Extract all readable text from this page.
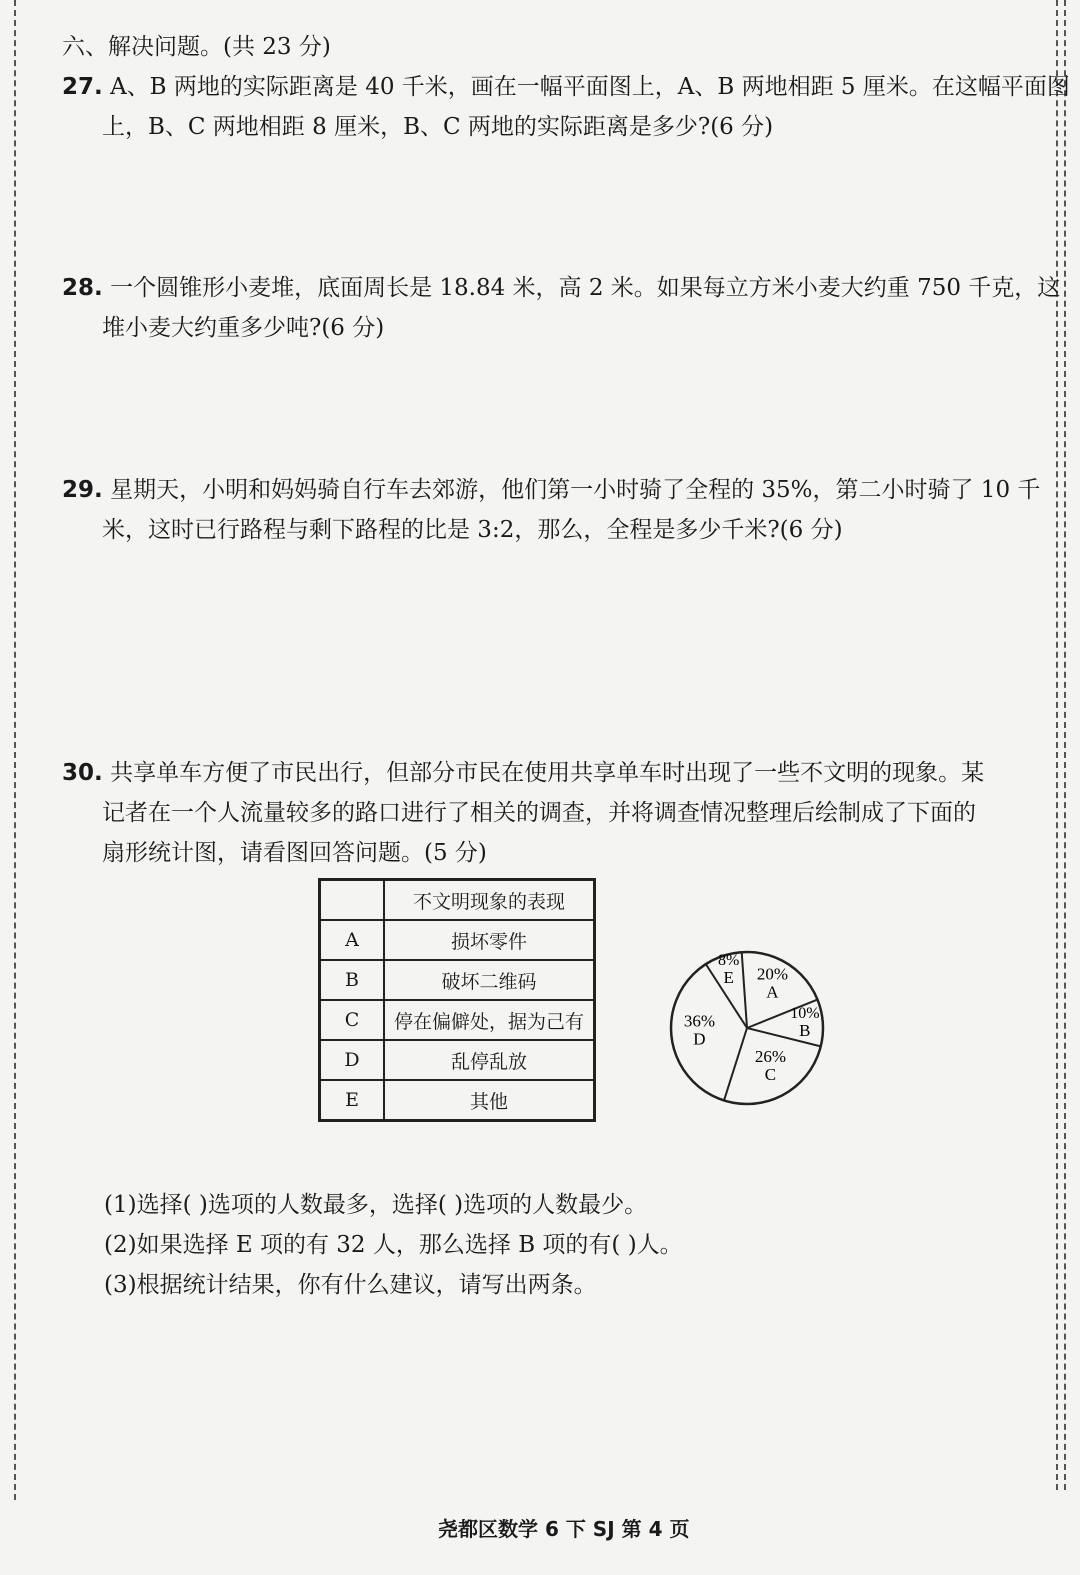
六、解决问题。(共 23 分)
27. A、B 两地的实际距离是 40 千米，画在一幅平面图上，A、B 两地相距 5 厘米。在这幅平面图
上，B、C 两地相距 8 厘米，B、C 两地的实际距离是多少?(6 分)
28. 一个圆锥形小麦堆，底面周长是 18.84 米，高 2 米。如果每立方米小麦大约重 750 千克，这
堆小麦大约重多少吨?(6 分)
29. 星期天，小明和妈妈骑自行车去郊游，他们第一小时骑了全程的 35%，第二小时骑了 10 千
米，这时已行路程与剩下路程的比是 3:2，那么，全程是多少千米?(6 分)
30. 共享单车方便了市民出行，但部分市民在使用共享单车时出现了一些不文明的现象。某
记者在一个人流量较多的路口进行了相关的调查，并将调查情况整理后绘制成了下面的
扇形统计图，请看图回答问题。(5 分)
	不文明现象的表现
A	损坏零件
B	破坏二维码
C	停在偏僻处，据为己有
D	乱停乱放
E	其他
20%
A
10%
B
26%
C
36%
D
8%
E
(1)选择( )选项的人数最多，选择( )选项的人数最少。
(2)如果选择 E 项的有 32 人，那么选择 B 项的有( )人。
(3)根据统计结果，你有什么建议，请写出两条。
尧都区数学 6 下 SJ 第 4 页
